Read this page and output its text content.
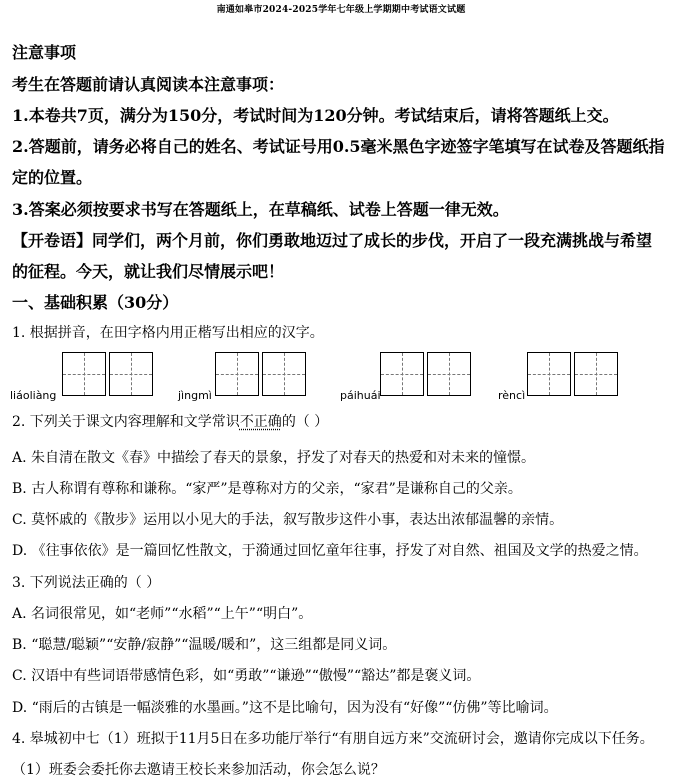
南通如皋市2024-2025学年七年级上学期期中考试语文试题
注意事项
考生在答题前请认真阅读本注意事项：
1.本卷共7页，满分为150分，考试时间为120分钟。考试结束后，请将答题纸上交。
2.答题前，请务必将自己的姓名、考试证号用0.5毫米黑色字迹签字笔填写在试卷及答题纸指
定的位置。
3.答案必须按要求书写在答题纸上，在草稿纸、试卷上答题一律无效。
【开卷语】同学们，两个月前，你们勇敢地迈过了成长的步伐，开启了一段充满挑战与希望
的征程。今天，就让我们尽情展示吧！
一、基础积累（30分）
1. 根据拼音，在田字格内用正楷写出相应的汉字。
liáoliàng	jìngmì	páihuái	rèncì
2. 下列关于课文内容理解和文学常识不正确的（ ）
A. 朱自清在散文《春》中描绘了春天的景象，抒发了对春天的热爱和对未来的憧憬。
B. 古人称谓有尊称和谦称。“家严”是尊称对方的父亲，“家君”是谦称自己的父亲。
C. 莫怀戚的《散步》运用以小见大的手法，叙写散步这件小事，表达出浓郁温馨的亲情。
D. 《往事依依》是一篇回忆性散文，于漪通过回忆童年往事，抒发了对自然、祖国及文学的热爱之情。
3. 下列说法正确的（ ）
A. 名词很常见，如“老师”“水稻”“上午”“明白”。
B. “聪慧/聪颖”“安静/寂静”“温暖/暖和”，这三组都是同义词。
C. 汉语中有些词语带感情色彩，如“勇敢”“谦逊”“傲慢”“豁达”都是褒义词。
D. “雨后的古镇是一幅淡雅的水墨画。”这不是比喻句，因为没有“好像”“仿佛”等比喻词。
4. 皋城初中七（1）班拟于11月5日在多功能厅举行“有朋自远方来”交流研讨会，邀请你完成以下任务。
（1）班委会委托你去邀请王校长来参加活动，你会怎么说？
